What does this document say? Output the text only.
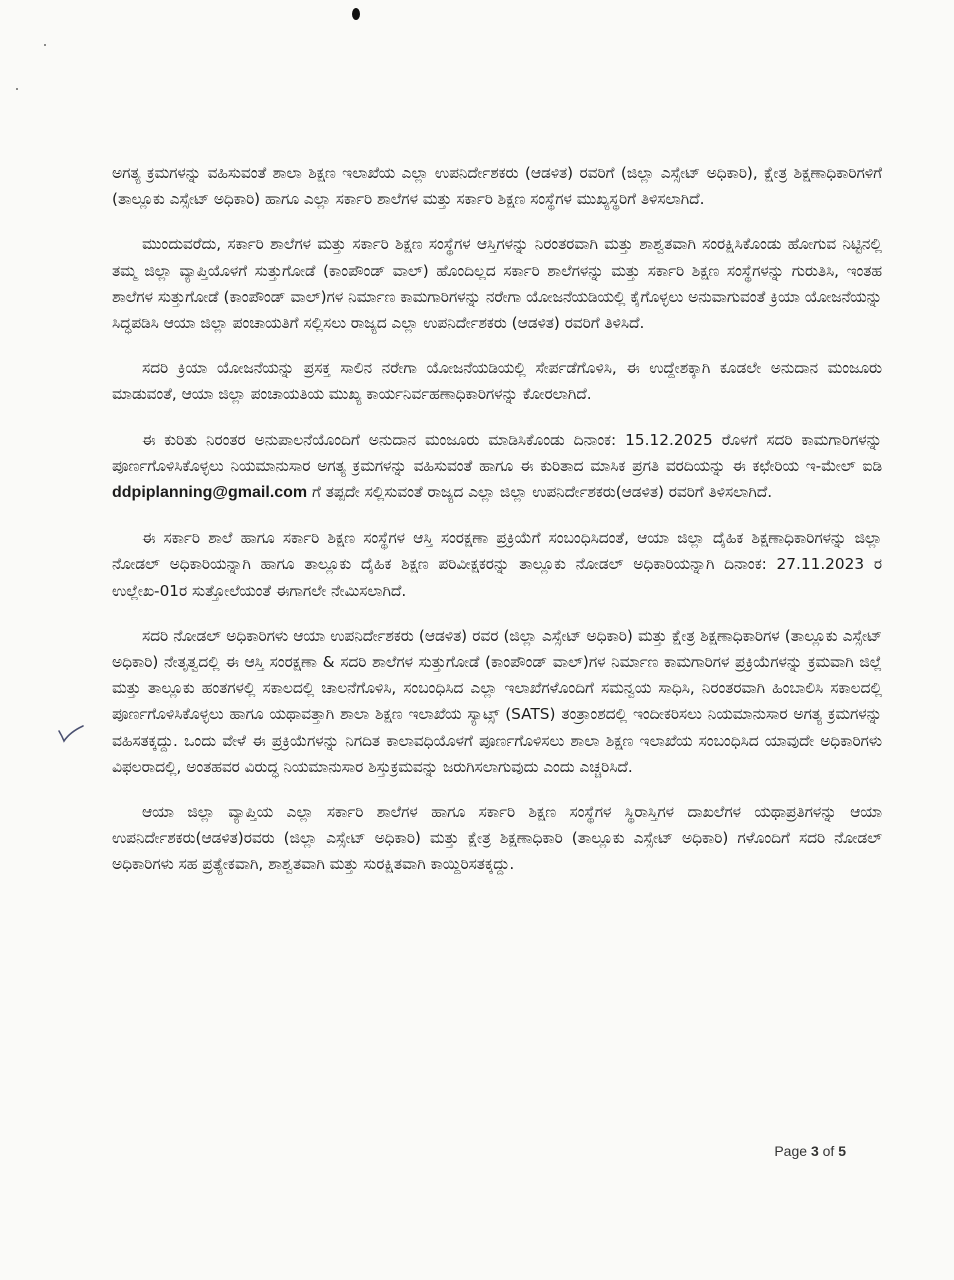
ಅಗತ್ಯ ಕ್ರಮಗಳನ್ನು ವಹಿಸುವಂತೆ ಶಾಲಾ ಶಿಕ್ಷಣ ಇಲಾಖೆಯ ಎಲ್ಲಾ ಉಪನಿರ್ದೇಶಕರು (ಆಡಳಿತ) ರವರಿಗೆ (ಜಿಲ್ಲಾ ಎಸ್ಸೇಟ್ ಅಧಿಕಾರಿ), ಕ್ಷೇತ್ರ ಶಿಕ್ಷಣಾಧಿಕಾರಿಗಳಿಗೆ (ತಾಲ್ಲೂಕು ಎಸ್ಸೇಟ್ ಅಧಿಕಾರಿ) ಹಾಗೂ ಎಲ್ಲಾ ಸರ್ಕಾರಿ ಶಾಲೆಗಳ ಮತ್ತು ಸರ್ಕಾರಿ ಶಿಕ್ಷಣ ಸಂಸ್ಥೆಗಳ ಮುಖ್ಯಸ್ಥರಿಗೆ ತಿಳಿಸಲಾಗಿದೆ.

ಮುಂದುವರೆದು, ಸರ್ಕಾರಿ ಶಾಲೆಗಳ ಮತ್ತು ಸರ್ಕಾರಿ ಶಿಕ್ಷಣ ಸಂಸ್ಥೆಗಳ ಆಸ್ತಿಗಳನ್ನು ನಿರಂತರವಾಗಿ ಮತ್ತು ಶಾಶ್ವತವಾಗಿ ಸಂರಕ್ಷಿಸಿಕೊಂಡು ಹೋಗುವ ನಿಟ್ಟಿನಲ್ಲಿ ತಮ್ಮ ಜಿಲ್ಲಾ ವ್ಯಾಪ್ತಿಯೊಳಗೆ ಸುತ್ತುಗೋಡೆ (ಕಾಂಪೌಂಡ್ ವಾಲ್) ಹೊಂದಿಲ್ಲದ ಸರ್ಕಾರಿ ಶಾಲೆಗಳನ್ನು ಮತ್ತು ಸರ್ಕಾರಿ ಶಿಕ್ಷಣ ಸಂಸ್ಥೆಗಳನ್ನು ಗುರುತಿಸಿ, ಇಂತಹ ಶಾಲೆಗಳ ಸುತ್ತುಗೋಡೆ (ಕಾಂಪೌಂಡ್ ವಾಲ್)ಗಳ ನಿರ್ಮಾಣ ಕಾಮಗಾರಿಗಳನ್ನು ನರೇಗಾ ಯೋಜನೆಯಡಿಯಲ್ಲಿ ಕೈಗೊಳ್ಳಲು ಅನುವಾಗುವಂತೆ ಕ್ರಿಯಾ ಯೋಜನೆಯನ್ನು ಸಿದ್ಧಪಡಿಸಿ ಆಯಾ ಜಿಲ್ಲಾ ಪಂಚಾಯತಿಗೆ ಸಲ್ಲಿಸಲು ರಾಜ್ಯದ ಎಲ್ಲಾ ಉಪನಿರ್ದೇಶಕರು (ಆಡಳಿತ) ರವರಿಗೆ ತಿಳಿಸಿದೆ.

ಸದರಿ ಕ್ರಿಯಾ ಯೋಜನೆಯನ್ನು ಪ್ರಸಕ್ತ ಸಾಲಿನ ನರೇಗಾ ಯೋಜನೆಯಡಿಯಲ್ಲಿ ಸೇರ್ಪಡೆಗೊಳಿಸಿ, ಈ ಉದ್ದೇಶಕ್ಕಾಗಿ ಕೂಡಲೇ ಅನುದಾನ ಮಂಜೂರು ಮಾಡುವಂತೆ, ಆಯಾ ಜಿಲ್ಲಾ ಪಂಚಾಯತಿಯ ಮುಖ್ಯ ಕಾರ್ಯನಿರ್ವಹಣಾಧಿಕಾರಿಗಳನ್ನು ಕೋರಲಾಗಿದೆ.

ಈ ಕುರಿತು ನಿರಂತರ ಅನುಪಾಲನೆಯೊಂದಿಗೆ ಅನುದಾನ ಮಂಜೂರು ಮಾಡಿಸಿಕೊಂಡು ದಿನಾಂಕ: 15.12.2025 ರೊಳಗೆ ಸದರಿ ಕಾಮಗಾರಿಗಳನ್ನು ಪೂರ್ಣಗೊಳಿಸಿಕೊಳ್ಳಲು ನಿಯಮಾನುಸಾರ ಅಗತ್ಯ ಕ್ರಮಗಳನ್ನು ವಹಿಸುವಂತೆ ಹಾಗೂ ಈ ಕುರಿತಾದ ಮಾಸಿಕ ಪ್ರಗತಿ ವರದಿಯನ್ನು ಈ ಕಛೇರಿಯ ಇ-ಮೇಲ್ ಐಡಿ ddpiplanning@gmail.com ಗೆ ತಪ್ಪದೇ ಸಲ್ಲಿಸುವಂತೆ ರಾಜ್ಯದ ಎಲ್ಲಾ ಜಿಲ್ಲಾ ಉಪನಿರ್ದೇಶಕರು(ಆಡಳಿತ) ರವರಿಗೆ ತಿಳಿಸಲಾಗಿದೆ.

ಈ ಸರ್ಕಾರಿ ಶಾಲೆ ಹಾಗೂ ಸರ್ಕಾರಿ ಶಿಕ್ಷಣ ಸಂಸ್ಥೆಗಳ ಆಸ್ತಿ ಸಂರಕ್ಷಣಾ ಪ್ರಕ್ರಿಯೆಗೆ ಸಂಬಂಧಿಸಿದಂತೆ, ಆಯಾ ಜಿಲ್ಲಾ ದೈಹಿಕ ಶಿಕ್ಷಣಾಧಿಕಾರಿಗಳನ್ನು ಜಿಲ್ಲಾ ನೋಡಲ್ ಅಧಿಕಾರಿಯನ್ನಾಗಿ ಹಾಗೂ ತಾಲ್ಲೂಕು ದೈಹಿಕ ಶಿಕ್ಷಣ ಪರಿವೀಕ್ಷಕರನ್ನು ತಾಲ್ಲೂಕು ನೋಡಲ್ ಅಧಿಕಾರಿಯನ್ನಾಗಿ ದಿನಾಂಕ: 27.11.2023 ರ ಉಲ್ಲೇಖ-01ರ ಸುತ್ತೋಲೆಯಂತೆ ಈಗಾಗಲೇ ನೇಮಿಸಲಾಗಿದೆ.

ಸದರಿ ನೋಡಲ್ ಅಧಿಕಾರಿಗಳು ಆಯಾ ಉಪನಿರ್ದೇಶಕರು (ಆಡಳಿತ) ರವರ (ಜಿಲ್ಲಾ ಎಸ್ಸೇಟ್ ಅಧಿಕಾರಿ) ಮತ್ತು ಕ್ಷೇತ್ರ ಶಿಕ್ಷಣಾಧಿಕಾರಿಗಳ (ತಾಲ್ಲೂಕು ಎಸ್ಸೇಟ್ ಅಧಿಕಾರಿ) ನೇತೃತ್ವದಲ್ಲಿ ಈ ಆಸ್ತಿ ಸಂರಕ್ಷಣಾ & ಸದರಿ ಶಾಲೆಗಳ ಸುತ್ತುಗೋಡೆ (ಕಾಂಪೌಂಡ್ ವಾಲ್)ಗಳ ನಿರ್ಮಾಣ ಕಾಮಗಾರಿಗಳ ಪ್ರಕ್ರಿಯೆಗಳನ್ನು ಕ್ರಮವಾಗಿ ಜಿಲ್ಲೆ ಮತ್ತು ತಾಲ್ಲೂಕು ಹಂತಗಳಲ್ಲಿ ಸಕಾಲದಲ್ಲಿ ಚಾಲನೆಗೊಳಿಸಿ, ಸಂಬಂಧಿಸಿದ ಎಲ್ಲಾ ಇಲಾಖೆಗಳೊಂದಿಗೆ ಸಮನ್ವಯ ಸಾಧಿಸಿ, ನಿರಂತರವಾಗಿ ಹಿಂಬಾಲಿಸಿ ಸಕಾಲದಲ್ಲಿ ಪೂರ್ಣಗೊಳಿಸಿಕೊಳ್ಳಲು ಹಾಗೂ ಯಥಾವತ್ತಾಗಿ ಶಾಲಾ ಶಿಕ್ಷಣ ಇಲಾಖೆಯ ಸ್ಯಾಟ್ಸ್ (SATS) ತಂತ್ರಾಂಶದಲ್ಲಿ ಇಂದೀಕರಿಸಲು ನಿಯಮಾನುಸಾರ ಅಗತ್ಯ ಕ್ರಮಗಳನ್ನು ವಹಿಸತಕ್ಕದ್ದು. ಒಂದು ವೇಳೆ ಈ ಪ್ರಕ್ರಿಯೆಗಳನ್ನು ನಿಗದಿತ ಕಾಲಾವಧಿಯೊಳಗೆ ಪೂರ್ಣಗೊಳಿಸಲು ಶಾಲಾ ಶಿಕ್ಷಣ ಇಲಾಖೆಯ ಸಂಬಂಧಿಸಿದ ಯಾವುದೇ ಅಧಿಕಾರಿಗಳು ವಿಫಲರಾದಲ್ಲಿ, ಅಂತಹವರ ವಿರುದ್ಧ ನಿಯಮಾನುಸಾರ ಶಿಸ್ತುಕ್ರಮವನ್ನು ಜರುಗಿಸಲಾಗುವುದು ಎಂದು ಎಚ್ಚರಿಸಿದೆ.

ಆಯಾ ಜಿಲ್ಲಾ ವ್ಯಾಪ್ತಿಯ ಎಲ್ಲಾ ಸರ್ಕಾರಿ ಶಾಲೆಗಳ ಹಾಗೂ ಸರ್ಕಾರಿ ಶಿಕ್ಷಣ ಸಂಸ್ಥೆಗಳ ಸ್ಥಿರಾಸ್ತಿಗಳ ದಾಖಲೆಗಳ ಯಥಾಪ್ರತಿಗಳನ್ನು ಆಯಾ ಉಪನಿರ್ದೇಶಕರು(ಆಡಳಿತ)ರವರು (ಜಿಲ್ಲಾ ಎಸ್ಸೇಟ್ ಅಧಿಕಾರಿ) ಮತ್ತು ಕ್ಷೇತ್ರ ಶಿಕ್ಷಣಾಧಿಕಾರಿ (ತಾಲ್ಲೂಕು ಎಸ್ಸೇಟ್ ಅಧಿಕಾರಿ) ಗಳೊಂದಿಗೆ ಸದರಿ ನೋಡಲ್ ಅಧಿಕಾರಿಗಳು ಸಹ ಪ್ರತ್ಯೇಕವಾಗಿ, ಶಾಶ್ವತವಾಗಿ ಮತ್ತು ಸುರಕ್ಷಿತವಾಗಿ ಕಾಯ್ದಿರಿಸತಕ್ಕದ್ದು.

Page 3 of 5
